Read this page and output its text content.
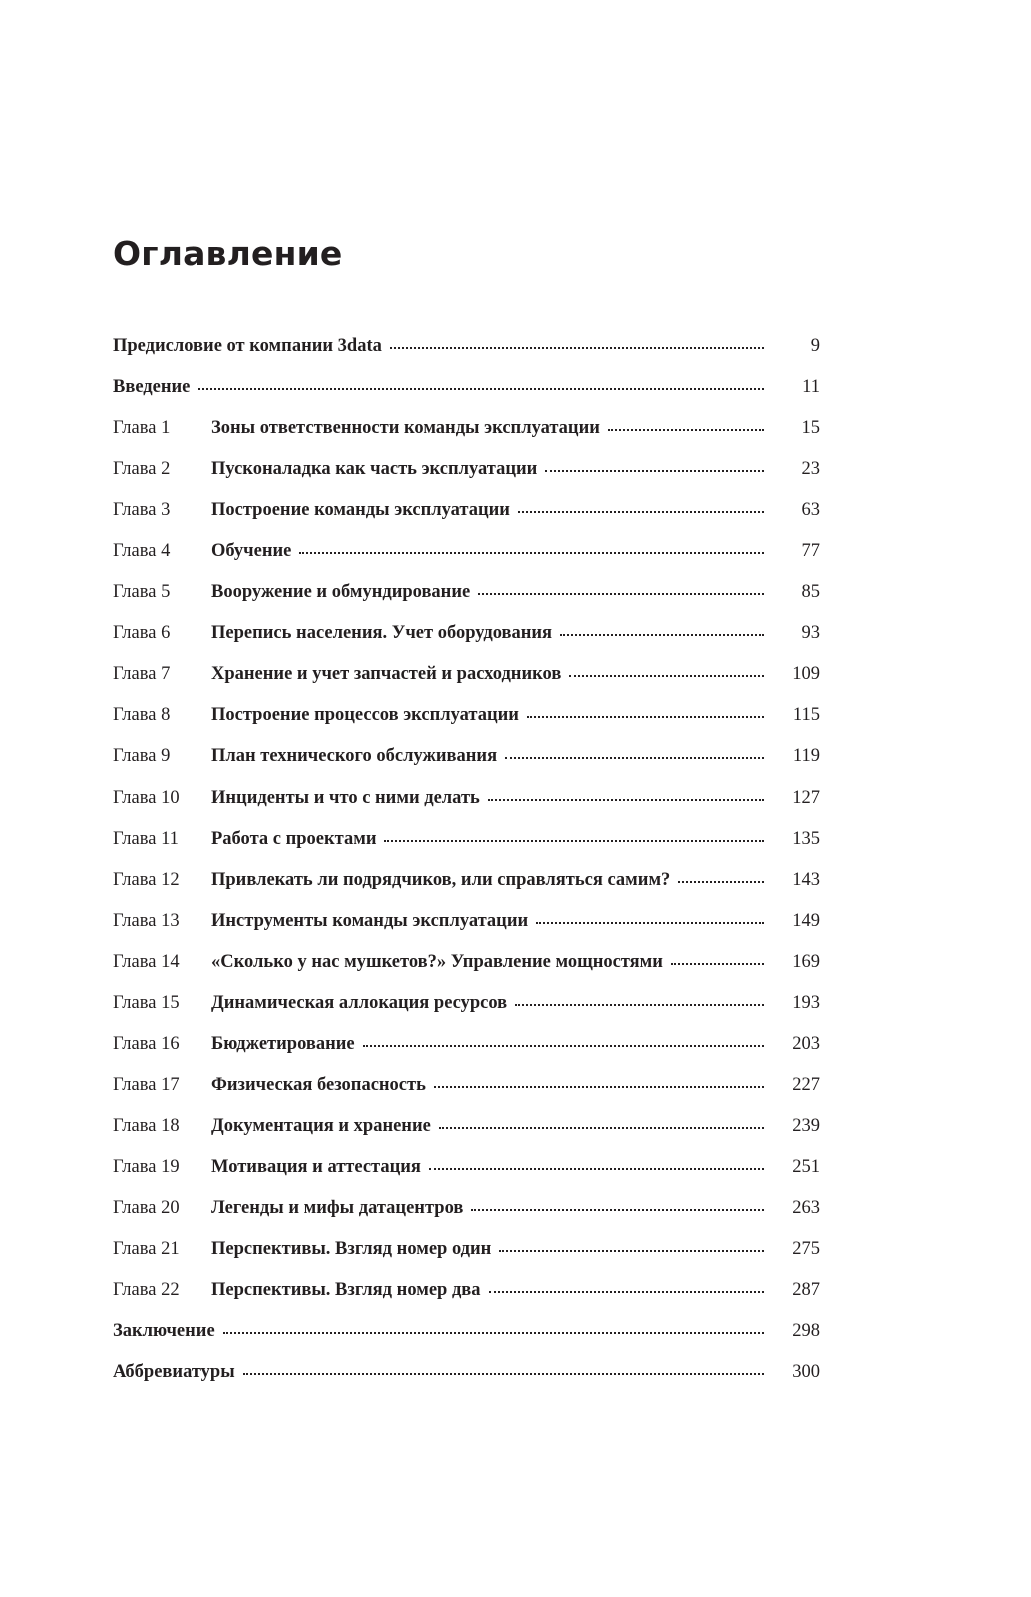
Оглавление
Предисловие от компании 3data	9
Введение	11
Глава 1	Зоны ответственности команды эксплуатации	15
Глава 2	Пусконаладка как часть эксплуатации	23
Глава 3	Построение команды эксплуатации	63
Глава 4	Обучение	77
Глава 5	Вооружение и обмундирование	85
Глава 6	Перепись населения. Учет оборудования	93
Глава 7	Хранение и учет запчастей и расходников	109
Глава 8	Построение процессов эксплуатации	115
Глава 9	План технического обслуживания	119
Глава 10	Инциденты и что с ними делать	127
Глава 11	Работа с проектами	135
Глава 12	Привлекать ли подрядчиков, или справляться самим?	143
Глава 13	Инструменты команды эксплуатации	149
Глава 14	«Сколько у нас мушкетов?» Управление мощностями	169
Глава 15	Динамическая аллокация ресурсов	193
Глава 16	Бюджетирование	203
Глава 17	Физическая безопасность	227
Глава 18	Документация и хранение	239
Глава 19	Мотивация и аттестация	251
Глава 20	Легенды и мифы датацентров	263
Глава 21	Перспективы. Взгляд номер один	275
Глава 22	Перспективы. Взгляд номер два	287
Заключение	298
Аббревиатуры	300
